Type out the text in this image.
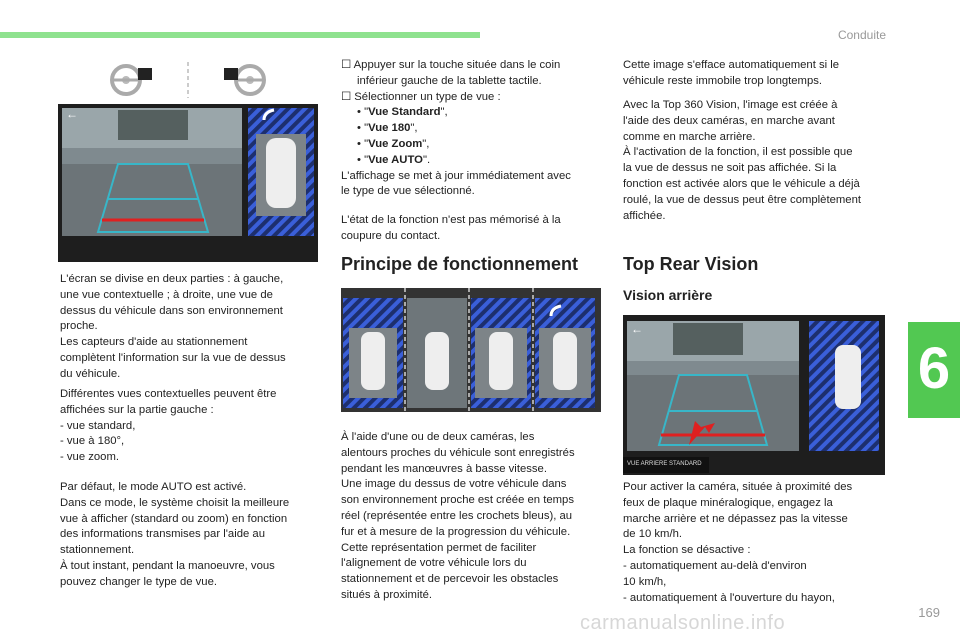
Conduite
6
←
L'écran se divise en deux parties : à gauche,
une vue contextuelle ; à droite, une vue de
dessus du véhicule dans son environnement
proche.
Les capteurs d'aide au stationnement
complètent l'information sur la vue de dessus
du véhicule.
Différentes vues contextuelles peuvent être
affichées sur la partie gauche :
- vue standard,
- vue à 180°,
- vue zoom.
Par défaut, le mode AUTO est activé.
Dans ce mode, le système choisit la meilleure
vue à afficher (standard ou zoom) en fonction
des informations transmises par l'aide au
stationnement.
À tout instant, pendant la manoeuvre, vous
pouvez changer le type de vue.
☐ Appuyer sur la touche située dans le coin
inférieur gauche de la tablette tactile.
☐ Sélectionner un type de vue :
• "Vue Standard",
• "Vue 180",
• "Vue Zoom",
• "Vue AUTO".
L'affichage se met à jour immédiatement avec
le type de vue sélectionné.
L'état de la fonction n'est pas mémorisé à la
coupure du contact.
Principe de fonctionnement
À l'aide d'une ou de deux caméras, les
alentours proches du véhicule sont enregistrés
pendant les manœuvres à basse vitesse.
Une image du dessus de votre véhicule dans
son environnement proche est créée en temps
réel (représentée entre les crochets bleus), au
fur et à mesure de la progression du véhicule.
Cette représentation permet de faciliter
l'alignement de votre véhicule lors du
stationnement et de percevoir les obstacles
situés à proximité.
Cette image s'efface automatiquement si le
véhicule reste immobile trop longtemps.
Avec la Top 360 Vision, l'image est créée à
l'aide des deux caméras, en marche avant
comme en marche arrière.
À l'activation de la fonction, il est possible que
la vue de dessus ne soit pas affichée. Si la
fonction est activée alors que le véhicule a déjà
roulé, la vue de dessus peut être complètement
affichée.
Top Rear Vision
Vision arrière
←
VUE ARRIERE STANDARD
Pour activer la caméra, située à proximité des
feux de plaque minéralogique, engagez la
marche arrière et ne dépassez pas la vitesse
de 10 km/h.
La fonction se désactive :
- automatiquement au-delà d'environ
10 km/h,
- automatiquement à l'ouverture du hayon,
carmanualsonline.info	169
